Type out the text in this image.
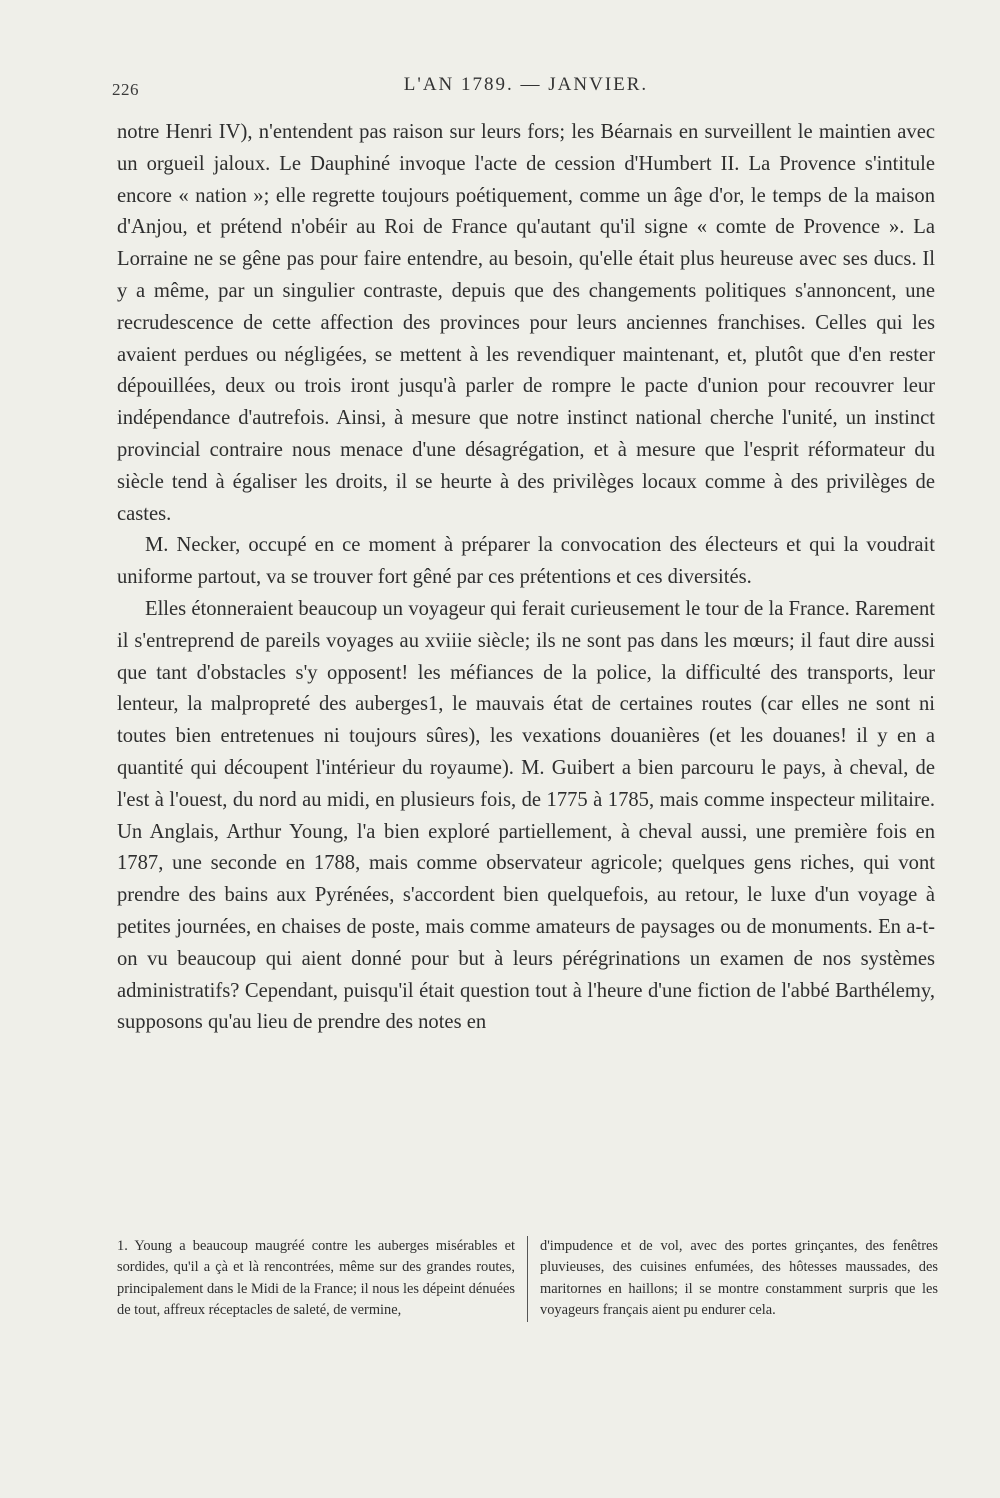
226	L'AN 1789. — JANVIER.

notre Henri IV), n'entendent pas raison sur leurs fors; les Béarnais en surveillent le maintien avec un orgueil jaloux. Le Dauphiné invoque l'acte de cession d'Humbert II. La Provence s'intitule encore « nation »; elle regrette toujours poétiquement, comme un âge d'or, le temps de la maison d'Anjou, et prétend n'obéir au Roi de France qu'autant qu'il signe « comte de Provence ». La Lorraine ne se gêne pas pour faire entendre, au besoin, qu'elle était plus heureuse avec ses ducs. Il y a même, par un singulier contraste, depuis que des changements politiques s'annoncent, une recrudescence de cette affection des provinces pour leurs anciennes franchises. Celles qui les avaient perdues ou négligées, se mettent à les revendiquer maintenant, et, plutôt que d'en rester dépouillées, deux ou trois iront jusqu'à parler de rompre le pacte d'union pour recouvrer leur indépendance d'autrefois. Ainsi, à mesure que notre instinct national cherche l'unité, un instinct provincial contraire nous menace d'une désagrégation, et à mesure que l'esprit réformateur du siècle tend à égaliser les droits, il se heurte à des privilèges locaux comme à des privilèges de castes.

M. Necker, occupé en ce moment à préparer la convocation des électeurs et qui la voudrait uniforme partout, va se trouver fort gêné par ces prétentions et ces diversités.

Elles étonneraient beaucoup un voyageur qui ferait curieusement le tour de la France. Rarement il s'entreprend de pareils voyages au xviiie siècle; ils ne sont pas dans les mœurs; il faut dire aussi que tant d'obstacles s'y opposent! les méfiances de la police, la difficulté des transports, leur lenteur, la malpropreté des auberges1, le mauvais état de certaines routes (car elles ne sont ni toutes bien entretenues ni toujours sûres), les vexations douanières (et les douanes! il y en a quantité qui découpent l'intérieur du royaume). M. Guibert a bien parcouru le pays, à cheval, de l'est à l'ouest, du nord au midi, en plusieurs fois, de 1775 à 1785, mais comme inspecteur militaire. Un Anglais, Arthur Young, l'a bien exploré partiellement, à cheval aussi, une première fois en 1787, une seconde en 1788, mais comme observateur agricole; quelques gens riches, qui vont prendre des bains aux Pyrénées, s'accordent bien quelquefois, au retour, le luxe d'un voyage à petites journées, en chaises de poste, mais comme amateurs de paysages ou de monuments. En a-t-on vu beaucoup qui aient donné pour but à leurs pérégrinations un examen de nos systèmes administratifs? Cependant, puisqu'il était question tout à l'heure d'une fiction de l'abbé Barthélemy, supposons qu'au lieu de prendre des notes en

1. Young a beaucoup maugréé contre les auberges misérables et sordides, qu'il a çà et là rencontrées, même sur des grandes routes, principalement dans le Midi de la France; il nous les dépeint dénuées de tout, affreux réceptacles de saleté, de vermine,
d'impudence et de vol, avec des portes grinçantes, des fenêtres pluvieuses, des cuisines enfumées, des hôtesses maussades, des maritornes en haillons; il se montre constamment surpris que les voyageurs français aient pu endurer cela.
